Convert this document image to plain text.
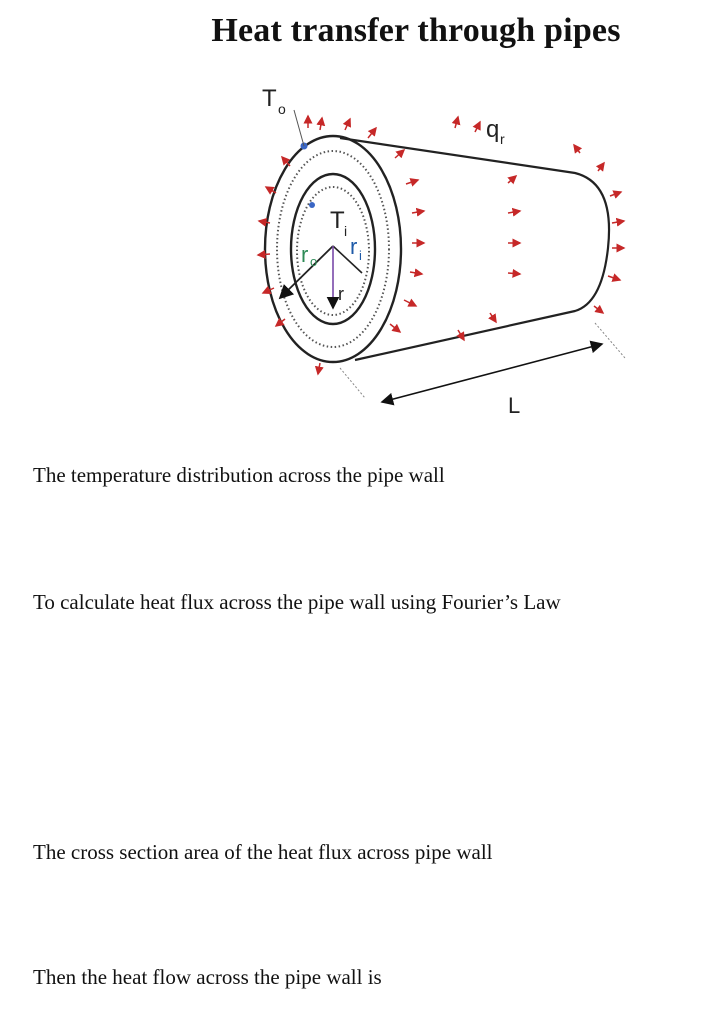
Heat transfer through pipes
T o
T i
q r
r o
r i
r
L

The temperature distribution across the pipe wall

To calculate heat flux across the pipe wall using Fourier’s Law

The cross section area of the heat flux across pipe wall

Then the heat flow across the pipe wall is
